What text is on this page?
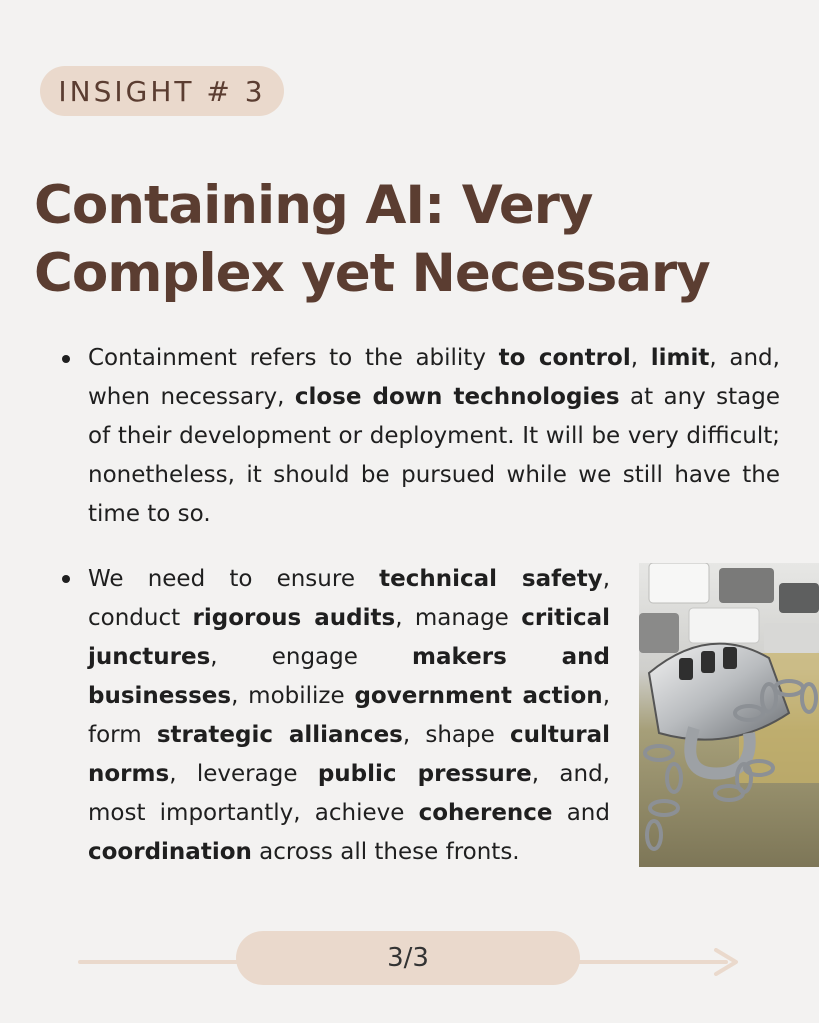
INSIGHT # 3
Containing AI: Very
Complex yet Necessary

Containment refers to the ability to control, limit, and, when necessary, close down technologies at any stage of their development or deployment. It will be very difficult; nonetheless, it should be pursued while we still have the time to so.

We need to ensure technical safety, conduct rigorous audits, manage critical junctures, engage makers and businesses, mobilize government action, form strategic alliances, shape cultural norms, leverage public pressure, and, most importantly, achieve coherence and coordination across all these fronts.

3/3
